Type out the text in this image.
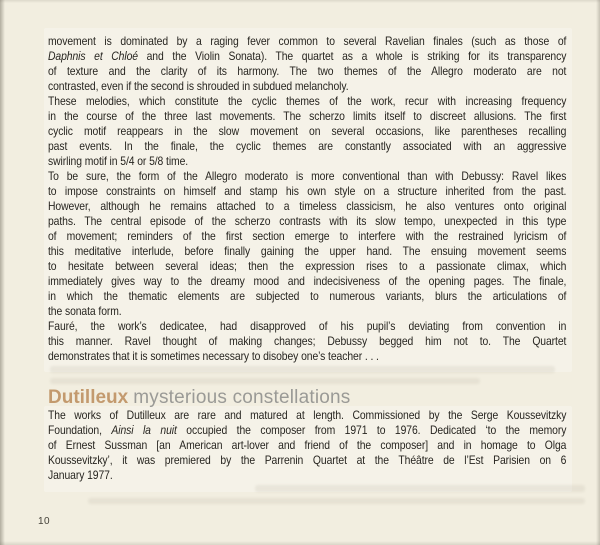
movement is dominated by a raging fever common to several Ravelian finales (such as those of
Daphnis et Chloé and the Violin Sonata). The quartet as a whole is striking for its transparency
of texture and the clarity of its harmony. The two themes of the Allegro moderato are not
contrasted, even if the second is shrouded in subdued melancholy.
These melodies, which constitute the cyclic themes of the work, recur with increasing frequency
in the course of the three last movements. The scherzo limits itself to discreet allusions. The first
cyclic motif reappears in the slow movement on several occasions, like parentheses recalling
past events. In the finale, the cyclic themes are constantly associated with an aggressive
swirling motif in 5/4 or 5/8 time.
To be sure, the form of the Allegro moderato is more conventional than with Debussy: Ravel likes
to impose constraints on himself and stamp his own style on a structure inherited from the past.
However, although he remains attached to a timeless classicism, he also ventures onto original
paths. The central episode of the scherzo contrasts with its slow tempo, unexpected in this type
of movement; reminders of the first section emerge to interfere with the restrained lyricism of
this meditative interlude, before finally gaining the upper hand. The ensuing movement seems
to hesitate between several ideas; then the expression rises to a passionate climax, which
immediately gives way to the dreamy mood and indecisiveness of the opening pages. The finale,
in which the thematic elements are subjected to numerous variants, blurs the articulations of
the sonata form.
Fauré, the work’s dedicatee, had disapproved of his pupil’s deviating from convention in
this manner. Ravel thought of making changes; Debussy begged him not to. The Quartet
demonstrates that it is sometimes necessary to disobey one’s teacher . . .
Dutilleux mysterious constellations
The works of Dutilleux are rare and matured at length. Commissioned by the Serge Koussevitzky
Foundation, Ainsi la nuit occupied the composer from 1971 to 1976. Dedicated ‘to the memory
of Ernest Sussman [an American art-lover and friend of the composer] and in homage to Olga
Koussevitzky’, it was premiered by the Parrenin Quartet at the Théâtre de l’Est Parisien on 6
January 1977.
10
